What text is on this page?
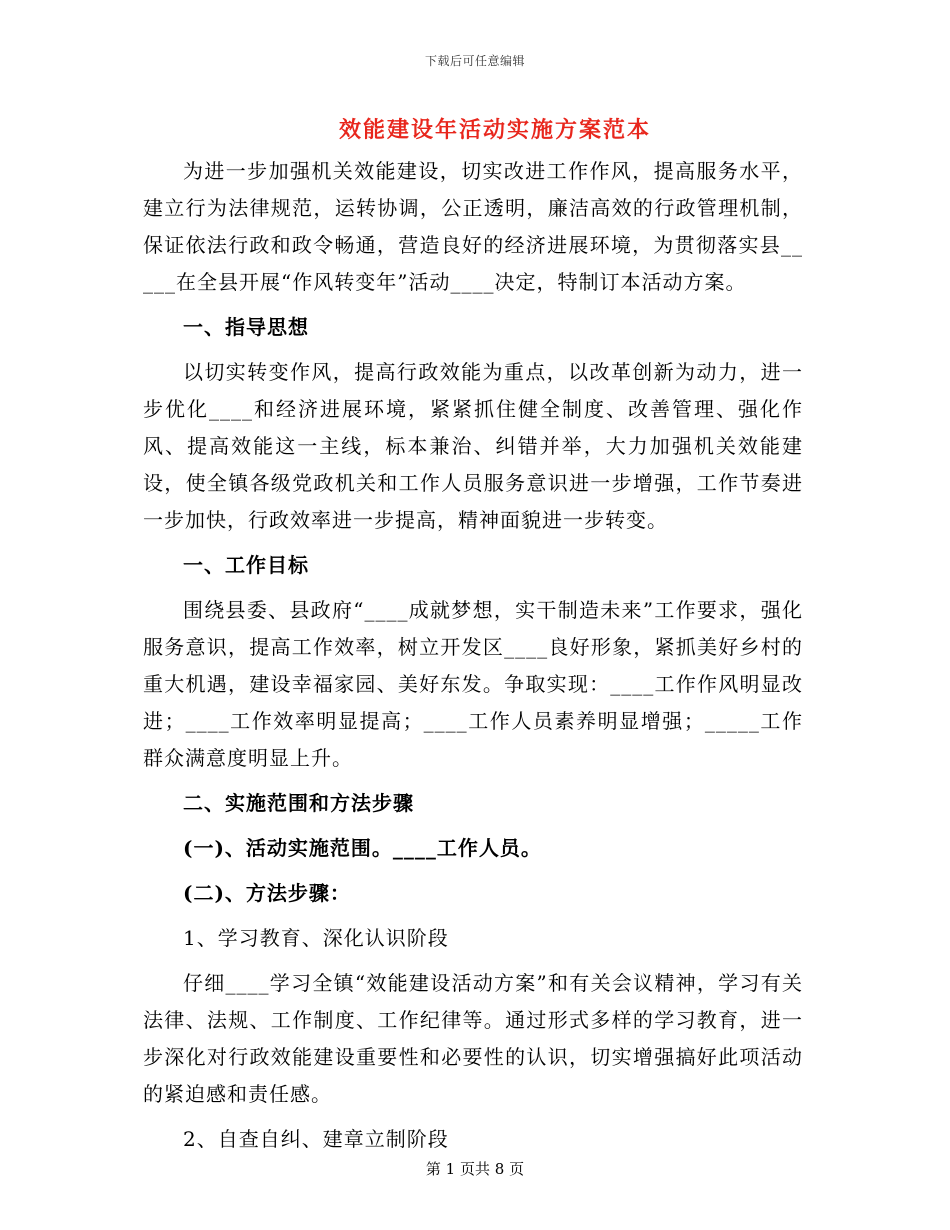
下载后可任意编辑
效能建设年活动实施方案范本

为进一步加强机关效能建设，切实改进工作作风，提高服务水平，建立行为法律规范，运转协调，公正透明，廉洁高效的行政管理机制，保证依法行政和政令畅通，营造良好的经济进展环境，为贯彻落实县_____在全县开展“作风转变年”活动____决定，特制订本活动方案。

一、指导思想

以切实转变作风，提高行政效能为重点，以改革创新为动力，进一步优化____和经济进展环境，紧紧抓住健全制度、改善管理、强化作风、提高效能这一主线，标本兼治、纠错并举，大力加强机关效能建设，使全镇各级党政机关和工作人员服务意识进一步增强，工作节奏进一步加快，行政效率进一步提高，精神面貌进一步转变。

一、工作目标

围绕县委、县政府“____成就梦想，实干制造未来”工作要求，强化服务意识，提高工作效率，树立开发区____良好形象，紧抓美好乡村的重大机遇，建设幸福家园、美好东发。争取实现：____工作作风明显改进；____工作效率明显提高；____工作人员素养明显增强；_____工作群众满意度明显上升。

二、实施范围和方法步骤

(一)、活动实施范围。____工作人员。

(二)、方法步骤：

1、学习教育、深化认识阶段

仔细____学习全镇“效能建设活动方案”和有关会议精神，学习有关法律、法规、工作制度、工作纪律等。通过形式多样的学习教育，进一步深化对行政效能建设重要性和必要性的认识，切实增强搞好此项活动的紧迫感和责任感。

2、自查自纠、建章立制阶段

第 1 页共 8 页
